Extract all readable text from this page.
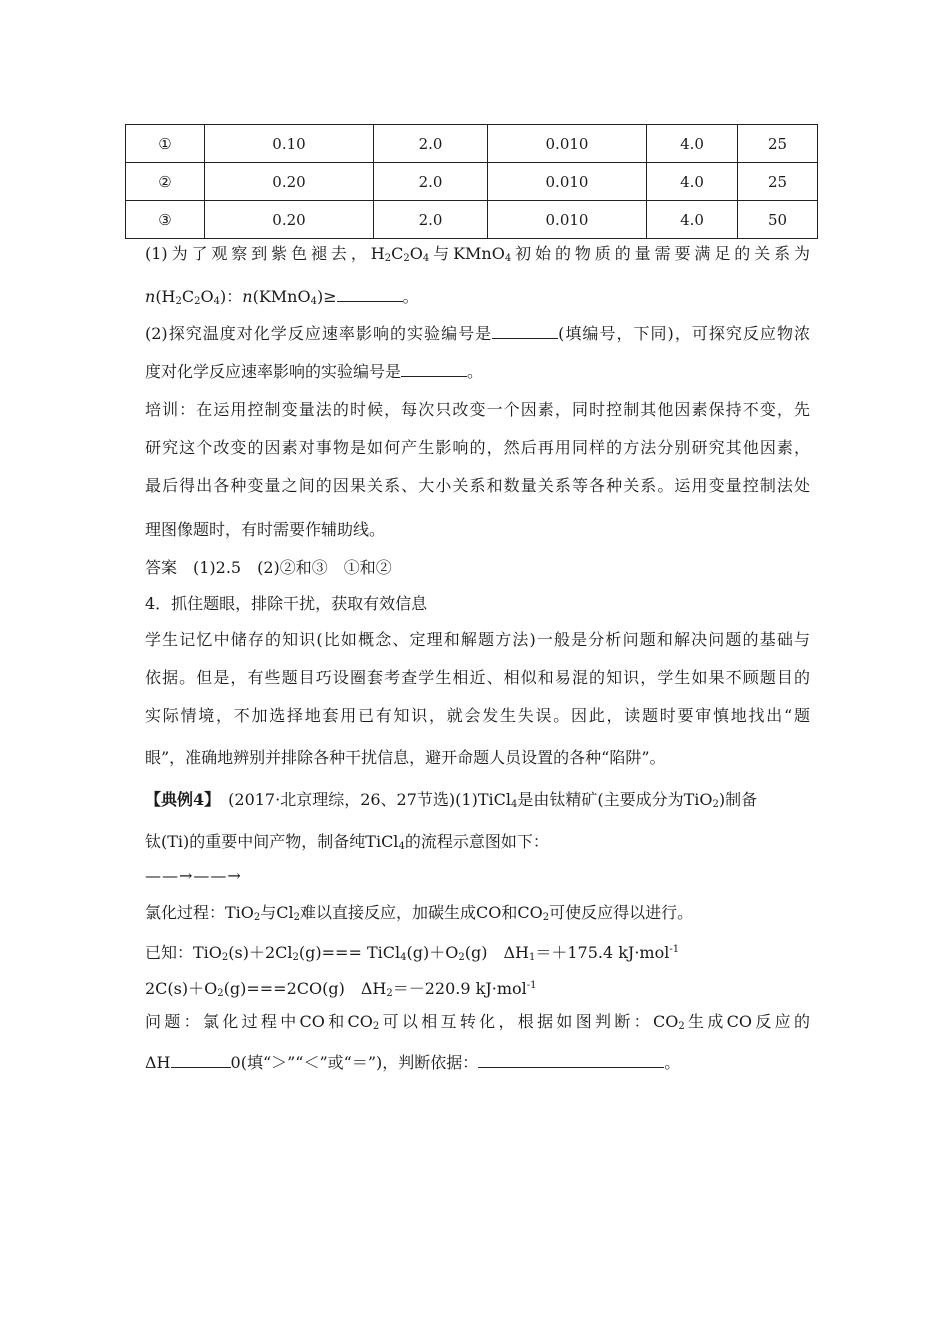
①	0.10	2.0	0.010	4.0	25
②	0.20	2.0	0.010	4.0	25
③	0.20	2.0	0.010	4.0	50
(1)为了观察到紫色褪去，$H_2C_2O_4$与KMnO$_4$初始的物质的量需要满足的关系为
$n(H_2C_2O_4)$：n(KMnO$_4$)≥	。
(2)探究温度对化学反应速率影响的实验编号是	(填编号，下同)，可探究反应物浓
度对化学反应速率影响的实验编号是	。
培训：在运用控制变量法的时候，每次只改变一个因素，同时控制其他因素保持不变，先
研究这个改变的因素对事物是如何产生影响的，然后再用同样的方法分别研究其他因素，
最后得出各种变量之间的因果关系、大小关系和数量关系等各种关系。运用变量控制法处
理图像题时，有时需要作辅助线。
答案　(1)2.5　(2)②和③　①和②
4．抓住题眼，排除干扰，获取有效信息
学生记忆中储存的知识(比如概念、定理和解题方法)一般是分析问题和解决问题的基础与
依据。但是，有些题目巧设圈套考查学生相近、相似和易混的知识，学生如果不顾题目的
实际情境，不加选择地套用已有知识，就会发生失误。因此，读题时要审慎地找出“题
眼”，准确地辨别并排除各种干扰信息，避开命题人员设置的各种“陷阱”。
【典例4】　(2017·北京理综，26、27节选)(1)TiCl$_4$是由钛精矿(主要成分为TiO$_2$)制备
钛(Ti)的重要中间产物，制备纯TiCl$_4$的流程示意图如下：
——→——→
氯化过程：TiO$_2$与$Cl_2$难以直接反应，加碳生成CO和$CO_2$可使反应得以进行。
已知：$TiO_2(s)+2Cl_2(g)===$ $TiCl_4(g)+O_2(g)$　$\Delta H_1=+175.4$ kJ·mol$^{-1}$
$2C(s)+O_2(g)===2CO(g)$　$\Delta H_2=-220.9$ kJ·mol$^{-1}$
问题：氯化过程中CO和$CO_2$可以相互转化，根据如图判断：$CO_2$生成CO反应的
ΔH	0(填“＞”“＜”或“＝”)，判断依据：	。
